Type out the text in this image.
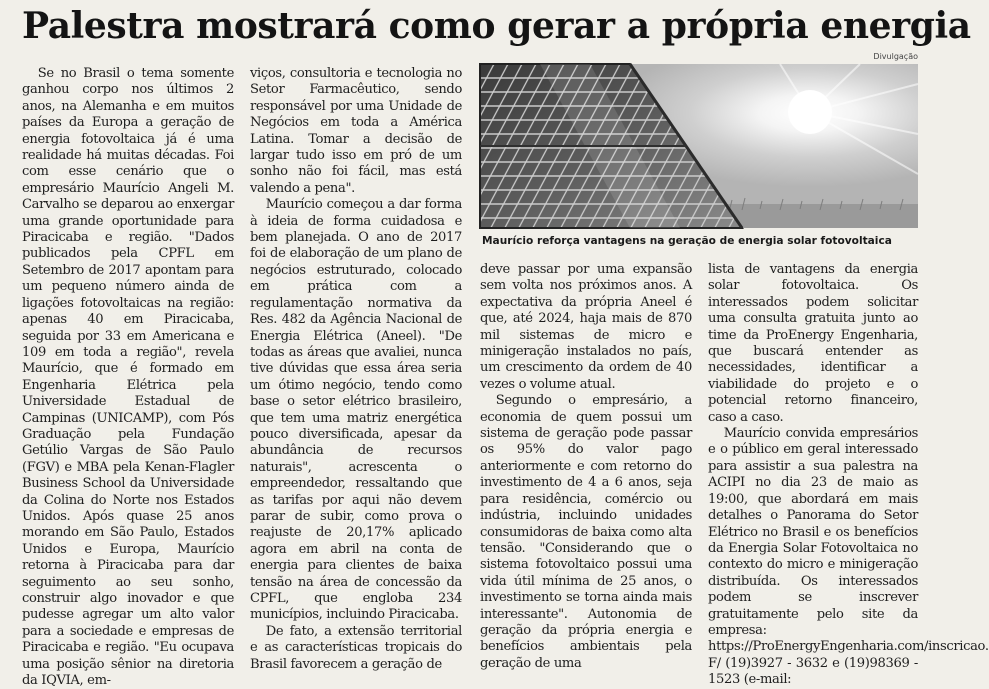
Palestra mostrará como gerar a própria energia
Divulgação
Maurício reforça vantagens na geração de energia solar fotovoltaica

Se no Brasil o tema somente ganhou corpo nos últimos 2 anos, na Alemanha e em muitos países da Europa a geração de energia fotovoltaica já é uma realidade há muitas décadas. Foi com esse cenário que o empresário Maurício Angeli M. Carvalho se deparou ao enxergar uma grande oportunidade para Piracicaba e região. "Dados publicados pela CPFL em Setembro de 2017 apontam para um pequeno número ainda de ligações fotovoltaicas na região: apenas 40 em Piracicaba, seguida por 33 em Americana e 109 em toda a região", revela Maurício, que é formado em Engenharia Elétrica pela Universidade Estadual de Campinas (UNICAMP), com Pós Graduação pela Fundação Getúlio Vargas de São Paulo (FGV) e MBA pela Kenan-Flagler Business School da Universidade da Colina do Norte nos Estados Unidos. Após quase 25 anos morando em São Paulo, Estados Unidos e Europa, Maurício retorna à Piracicaba para dar seguimento ao seu sonho, construir algo inovador e que pudesse agregar um alto valor para a sociedade e empresas de Piracicaba e região. "Eu ocupava uma posição sênior na diretoria da IQVIA, em-

viços, consultoria e tecnologia no Setor Farmacêutico, sendo responsável por uma Unidade de Negócios em toda a América Latina. Tomar a decisão de largar tudo isso em pró de um sonho não foi fácil, mas está valendo a pena".

Maurício começou a dar forma à ideia de forma cuidadosa e bem planejada. O ano de 2017 foi de elaboração de um plano de negócios estruturado, colocado em prática com a regulamentação normativa da Res. 482 da Agência Nacional de Energia Elétrica (Aneel). "De todas as áreas que avaliei, nunca tive dúvidas que essa área seria um ótimo negócio, tendo como base o setor elétrico brasileiro, que tem uma matriz energética pouco diversificada, apesar da abundância de recursos naturais", acrescenta o empreendedor, ressaltando que as tarifas por aqui não devem parar de subir, como prova o reajuste de 20,17% aplicado agora em abril na conta de energia para clientes de baixa tensão na área de concessão da CPFL, que engloba 234 municípios, incluindo Piracicaba.

De fato, a extensão territorial e as características tropicais do Brasil favorecem a geração de

deve passar por uma expansão sem volta nos próximos anos. A expectativa da própria Aneel é que, até 2024, haja mais de 870 mil sistemas de micro e minigeração instalados no país, um crescimento da ordem de 40 vezes o volume atual.

Segundo o empresário, a economia de quem possui um sistema de geração pode passar os 95% do valor pago anteriormente e com retorno do investimento de 4 a 6 anos, seja para residência, comércio ou indústria, incluindo unidades consumidoras de baixa como alta tensão. "Considerando que o sistema fotovoltaico possui uma vida útil mínima de 25 anos, o investimento se torna ainda mais interessante". Autonomia de geração da própria energia e benefícios ambientais pela geração de uma

lista de vantagens da energia solar fotovoltaica. Os interessados podem solicitar uma consulta gratuita junto ao time da ProEnergy Engenharia, que buscará entender as necessidades, identificar a viabilidade do projeto e o potencial retorno financeiro, caso a caso.

Maurício convida empresários e o público em geral interessado para assistir a sua palestra na ACIPI no dia 23 de maio as 19:00, que abordará em mais detalhes o Panorama do Setor Elétrico no Brasil e os benefícios da Energia Solar Fotovoltaica no contexto do micro e minigeração distribuída. Os interessados podem se inscrever gratuitamente pelo site da empresa: https://ProEnergyEngenharia.com/inscricao. F/ (19)3927 - 3632 e (19)98369 - 1523 (e-mail:
